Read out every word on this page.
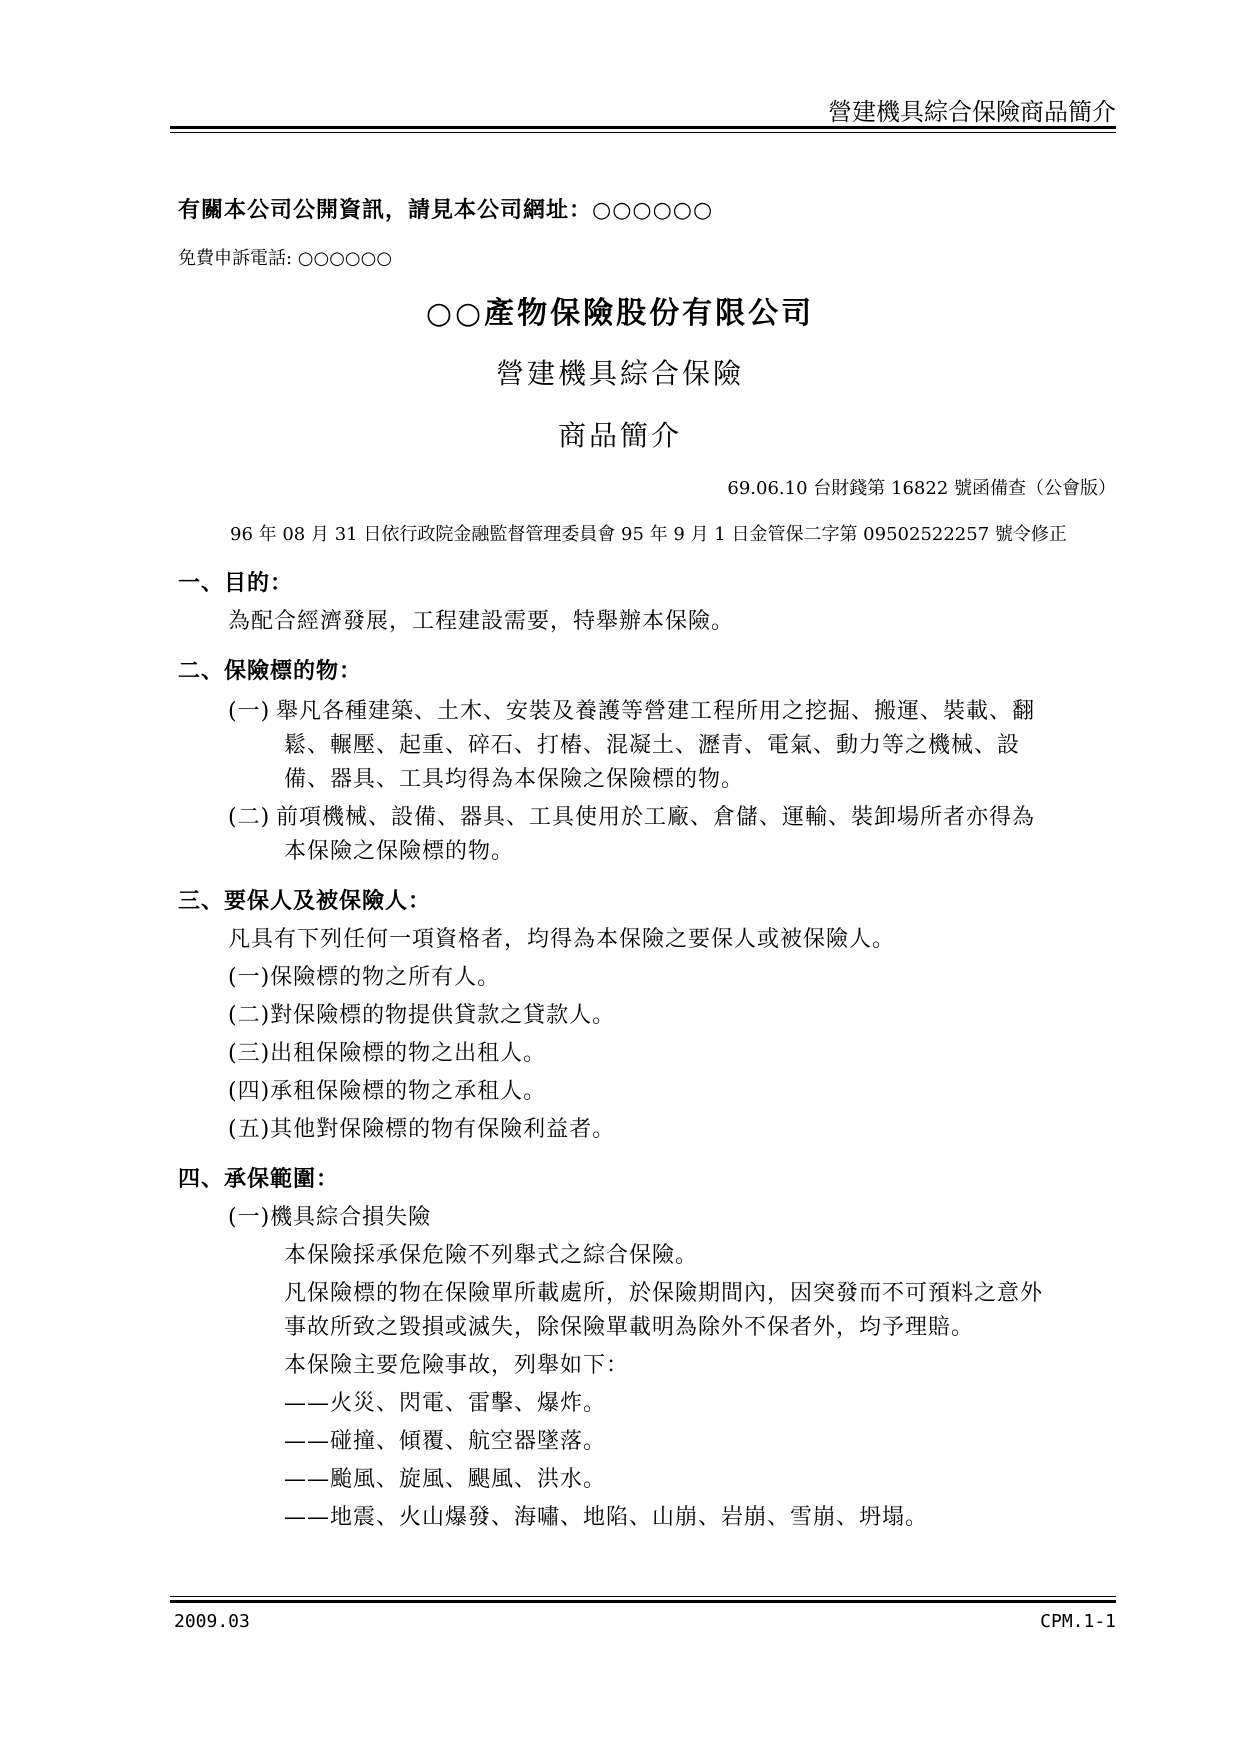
營建機具綜合保險商品簡介
有關本公司公開資訊，請見本公司網址：○○○○○○
免費申訴電話: ○○○○○○
○○產物保險股份有限公司
營建機具綜合保險
商品簡介
69.06.10 台財錢第 16822 號函備查（公會版）
96 年 08 月 31 日依行政院金融監督管理委員會 95 年 9 月 1 日金管保二字第 09502522257 號令修正
一、目的：
為配合經濟發展，工程建設需要，特舉辦本保險。
二、保險標的物：
(一) 舉凡各種建築、土木、安裝及養護等營建工程所用之挖掘、搬運、裝載、翻
鬆、輾壓、起重、碎石、打樁、混凝土、瀝青、電氣、動力等之機械、設
備、器具、工具均得為本保險之保險標的物。
(二) 前項機械、設備、器具、工具使用於工廠、倉儲、運輸、裝卸場所者亦得為
本保險之保險標的物。
三、要保人及被保險人：
凡具有下列任何一項資格者，均得為本保險之要保人或被保險人。
(一)保險標的物之所有人。
(二)對保險標的物提供貸款之貸款人。
(三)出租保險標的物之出租人。
(四)承租保險標的物之承租人。
(五)其他對保險標的物有保險利益者。
四、承保範圍：
(一)機具綜合損失險
本保險採承保危險不列舉式之綜合保險。
凡保險標的物在保險單所載處所，於保險期間內，因突發而不可預料之意外
事故所致之毀損或滅失，除保險單載明為除外不保者外，均予理賠。
本保險主要危險事故，列舉如下：
——火災、閃電、雷擊、爆炸。
——碰撞、傾覆、航空器墜落。
——颱風、旋風、颶風、洪水。
——地震、火山爆發、海嘯、地陷、山崩、岩崩、雪崩、坍塌。
2009.03	CPM.1-1
